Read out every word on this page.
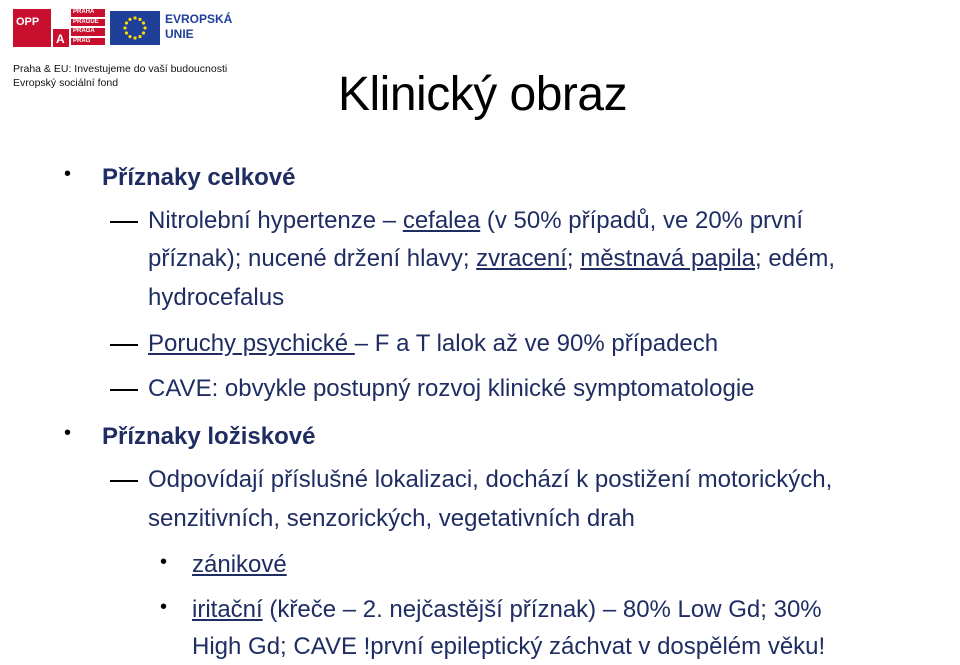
OPP
A
PRAHA
PRAGUE
PRAGA
PRAG
EVROPSKÁ
UNIE
Praha & EU: Investujeme do vaší budoucnosti
Evropský sociální fond	Klinický obraz
• Příznaky celkové
Nitrolební hypertenze – cefalea (v 50% případů, ve 20% první
příznak); nucené držení hlavy; zvracení; městnavá papila; edém,
hydrocefalus
Poruchy psychické – F a T lalok až ve 90% případech
CAVE: obvykle postupný rozvoj klinické symptomatologie
• Příznaky ložiskové
Odpovídají příslušné lokalizaci, dochází k postižení motorických,
senzitivních, senzorických, vegetativních drah
• zánikové
• iritační (křeče – 2. nejčastější příznak) – 80% Low Gd; 30%
High Gd; CAVE !první epileptický záchvat v dospělém věku!
